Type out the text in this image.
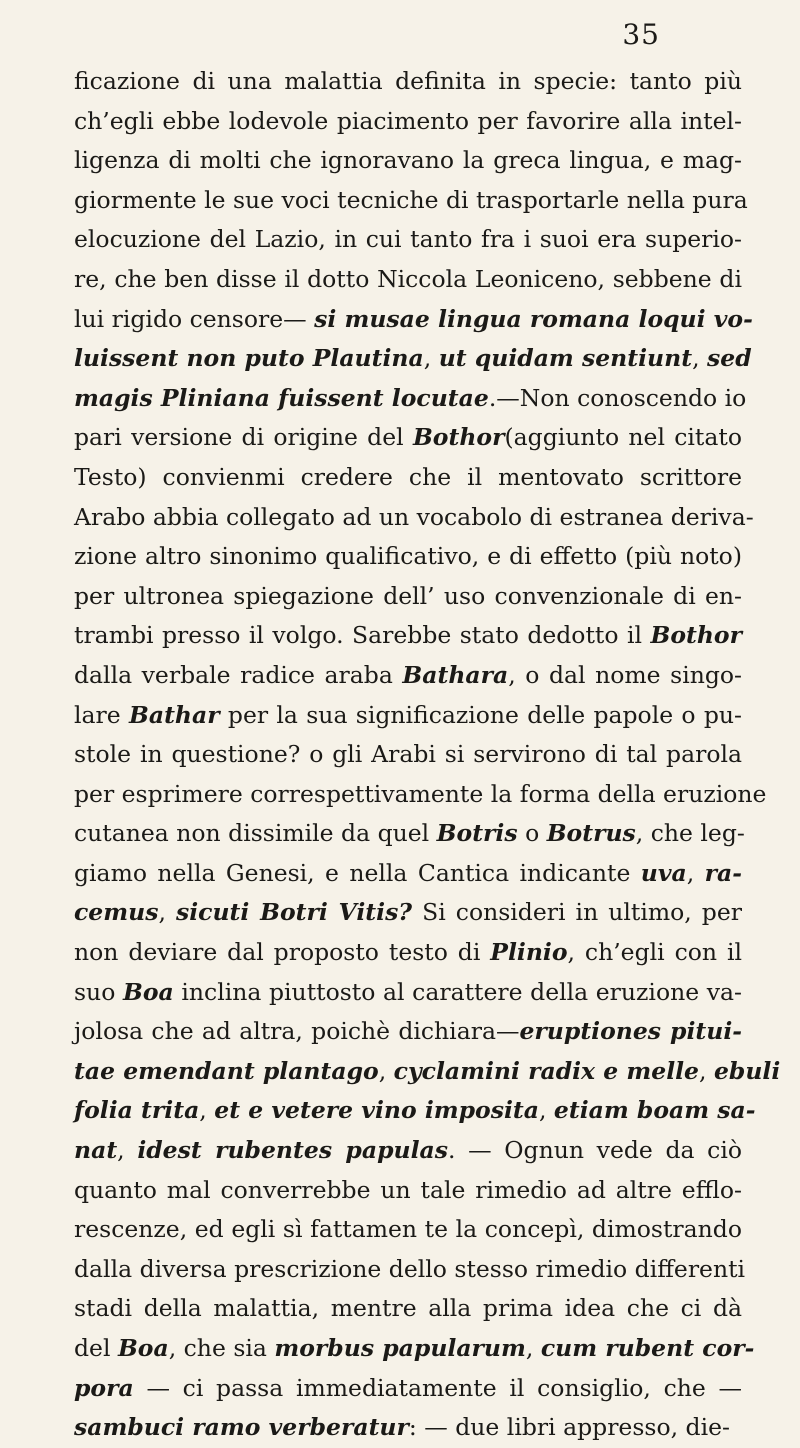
35
ficazione di una malattia definita in specie: tanto più
ch’egli ebbe lodevole piacimento per favorire alla intel-
ligenza di molti che ignoravano la greca lingua, e mag-
giormente le sue voci tecniche di trasportarle nella pura
elocuzione del Lazio, in cui tanto fra i suoi era superio-
re, che ben disse il dotto Niccola Leoniceno, sebbene di
lui rigido censore— si musae lingua romana loqui vo-
luissent non puto Plautina, ut quidam sentiunt, sed
magis Pliniana fuissent locutae.—Non conoscendo io
pari versione di origine del Bothor(aggiunto nel citato
Testo) convienmi credere che il mentovato scrittore
Arabo abbia collegato ad un vocabolo di estranea deriva-
zione altro sinonimo qualificativo, e di effetto (più noto)
per ultronea spiegazione dell’ uso convenzionale di en-
trambi presso il volgo. Sarebbe stato dedotto il Bothor
dalla verbale radice araba Bathara, o dal nome singo-
lare Bathar per la sua significazione delle papole o pu-
stole in questione? o gli Arabi si servirono di tal parola
per esprimere correspettivamente la forma della eruzione
cutanea non dissimile da quel Botris o Botrus, che leg-
giamo nella Genesi, e nella Cantica indicante uva, ra-
cemus, sicuti Botri Vitis? Si consideri in ultimo, per
non deviare dal proposto testo di Plinio, ch’egli con il
suo Boa inclina piuttosto al carattere della eruzione va-
jolosa che ad altra, poichè dichiara—eruptiones pitui-
tae emendant plantago, cyclamini radix e melle, ebuli
folia trita, et e vetere vino imposita, etiam boam sa-
nat, idest rubentes papulas. — Ognun vede da ciò
quanto mal converrebbe un tale rimedio ad altre efflo-
rescenze, ed egli sì fattamen te la concepì, dimostrando
dalla diversa prescrizione dello stesso rimedio differenti
stadi della malattia, mentre alla prima idea che ci dà
del Boa, che sia morbus papularum, cum rubent cor-
pora — ci passa immediatamente il consiglio, che —
sambuci ramo verberatur: — due libri appresso, die-
